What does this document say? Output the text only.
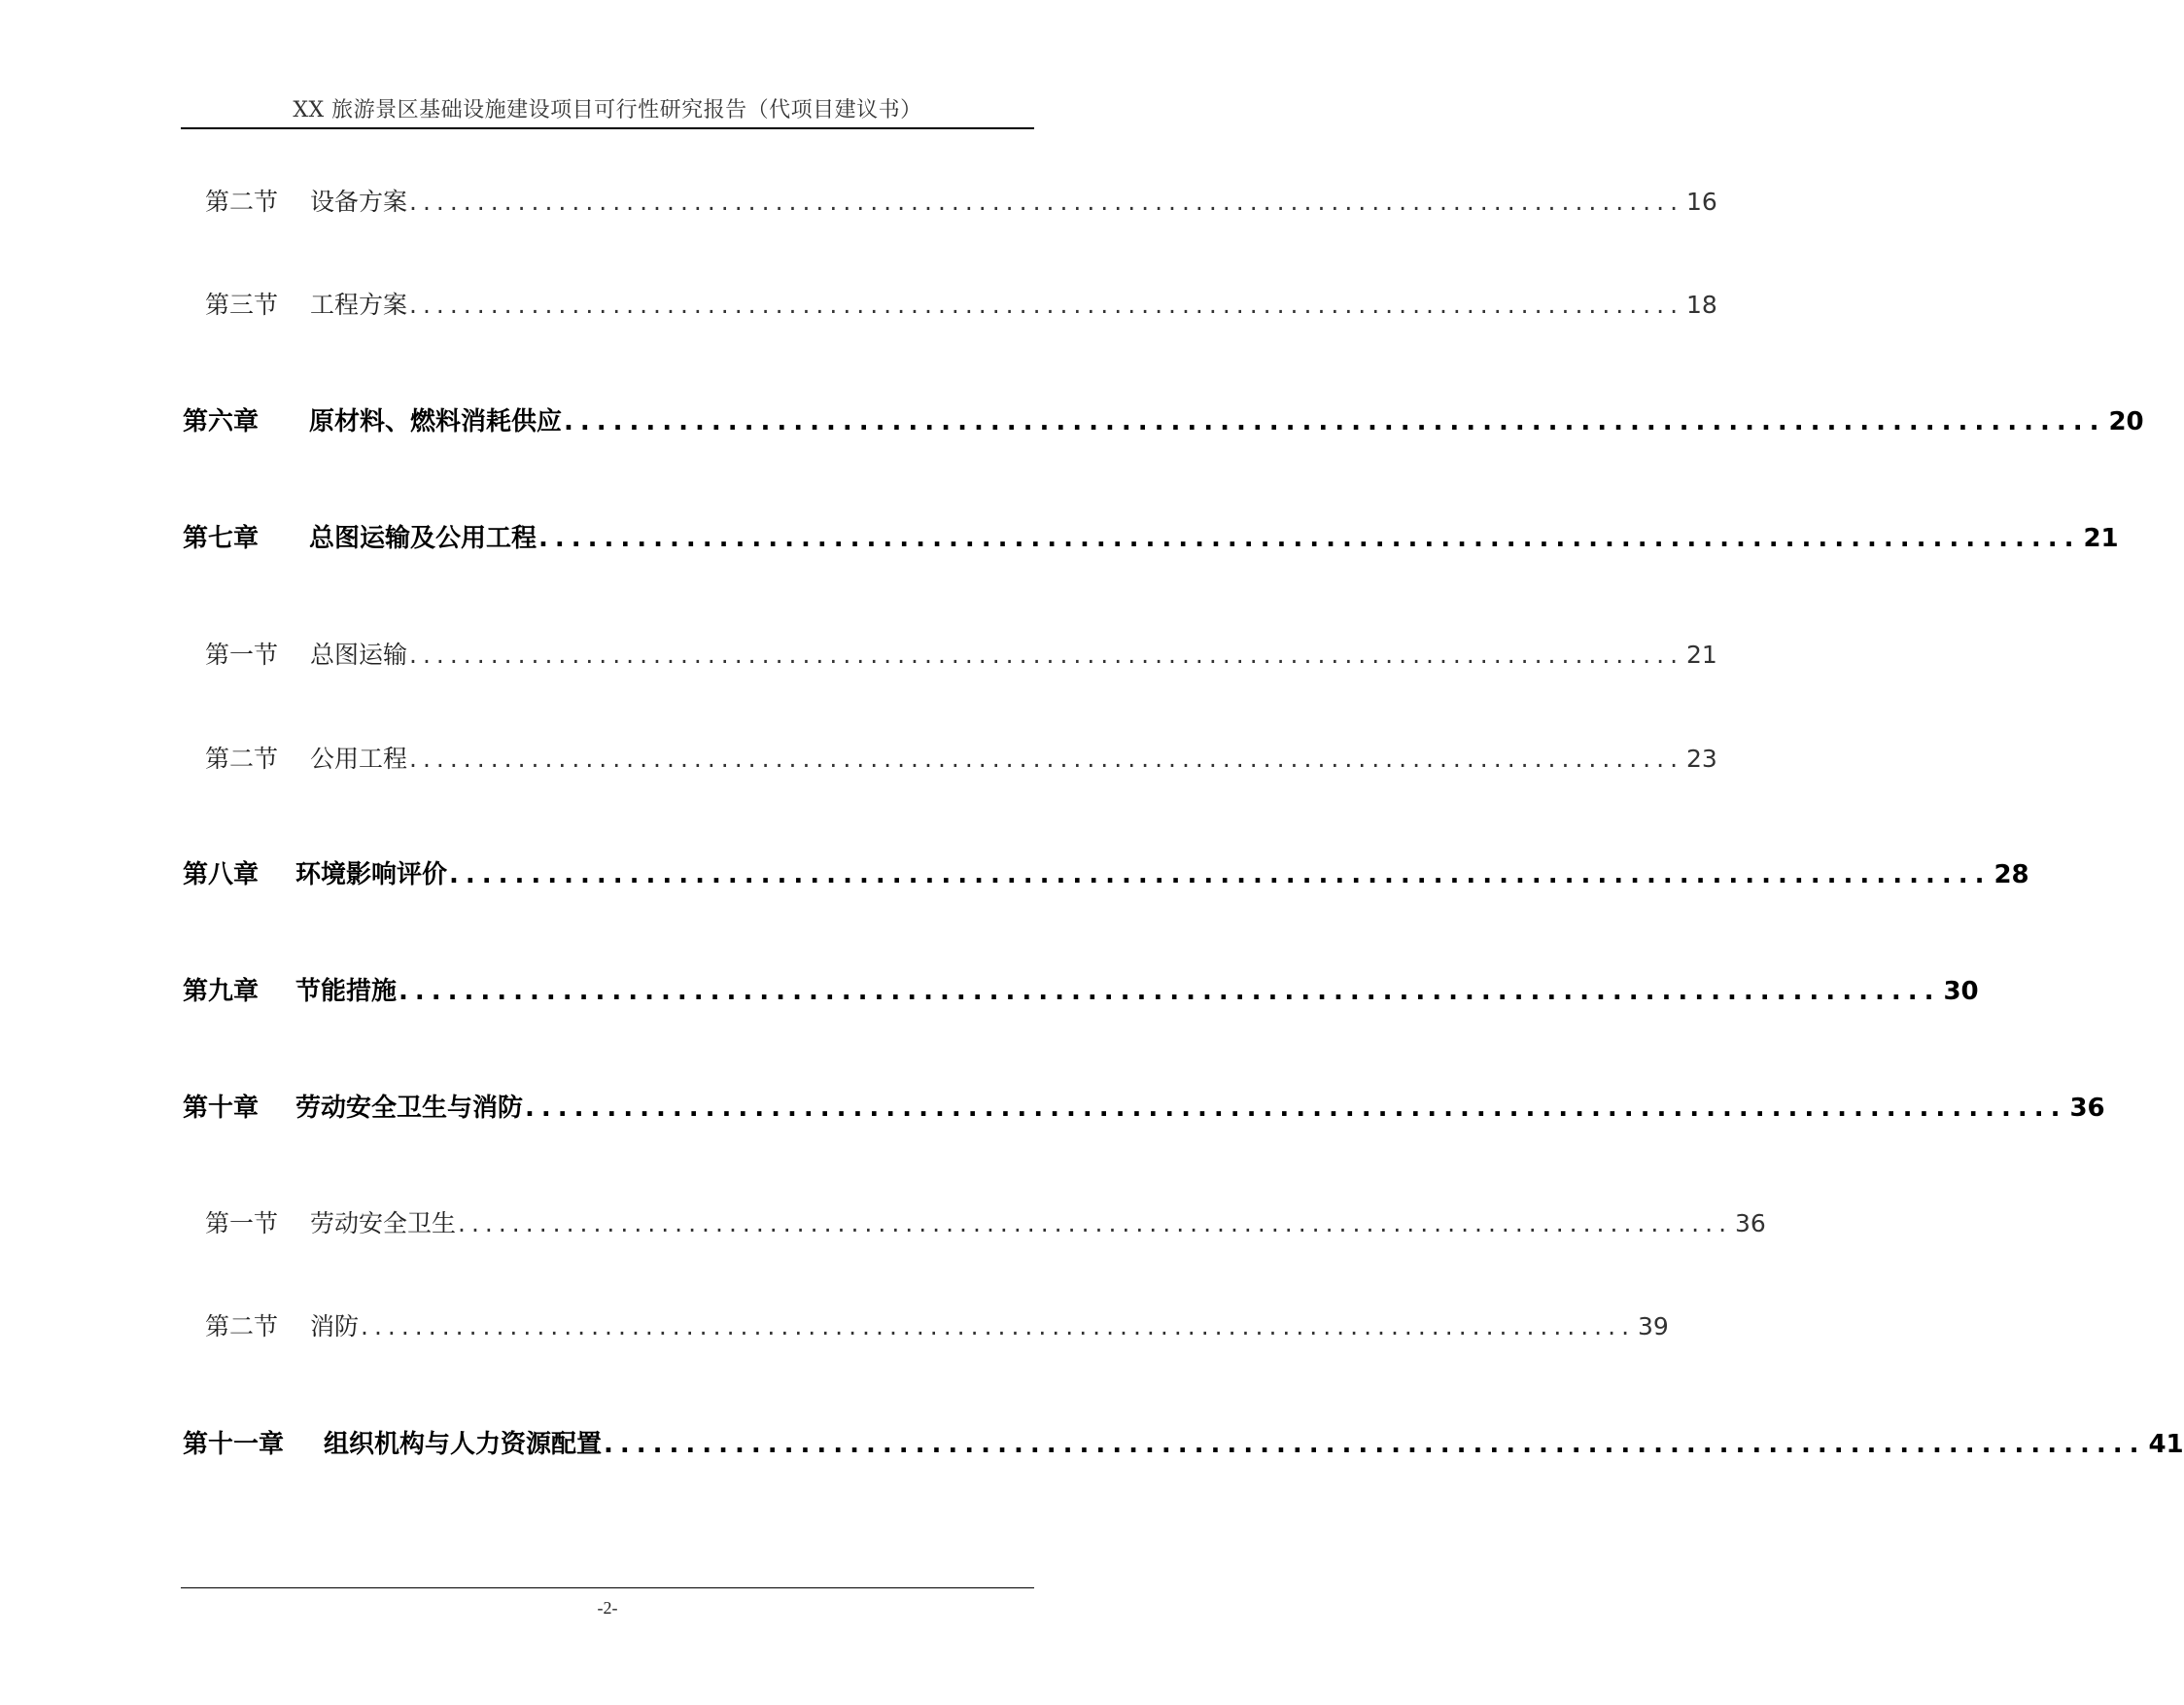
XX 旅游景区基础设施建设项目可行性研究报告（代项目建议书）
第二节	设备方案 .............................................................................................. 16
第三节	工程方案 .............................................................................................. 18
第六章	原材料、燃料消耗供应 .............................................................................................. 20
第七章	总图运输及公用工程 .............................................................................................. 21
第一节	总图运输 .............................................................................................. 21
第二节	公用工程 .............................................................................................. 23
第八章	环境影响评价 .............................................................................................. 28
第九章	节能措施 .............................................................................................. 30
第十章	劳动安全卫生与消防 .............................................................................................. 36
第一节	劳动安全卫生 .............................................................................................. 36
第二节	消防 .............................................................................................. 39
第十一章	组织机构与人力资源配置 .............................................................................................. 41
-2-
